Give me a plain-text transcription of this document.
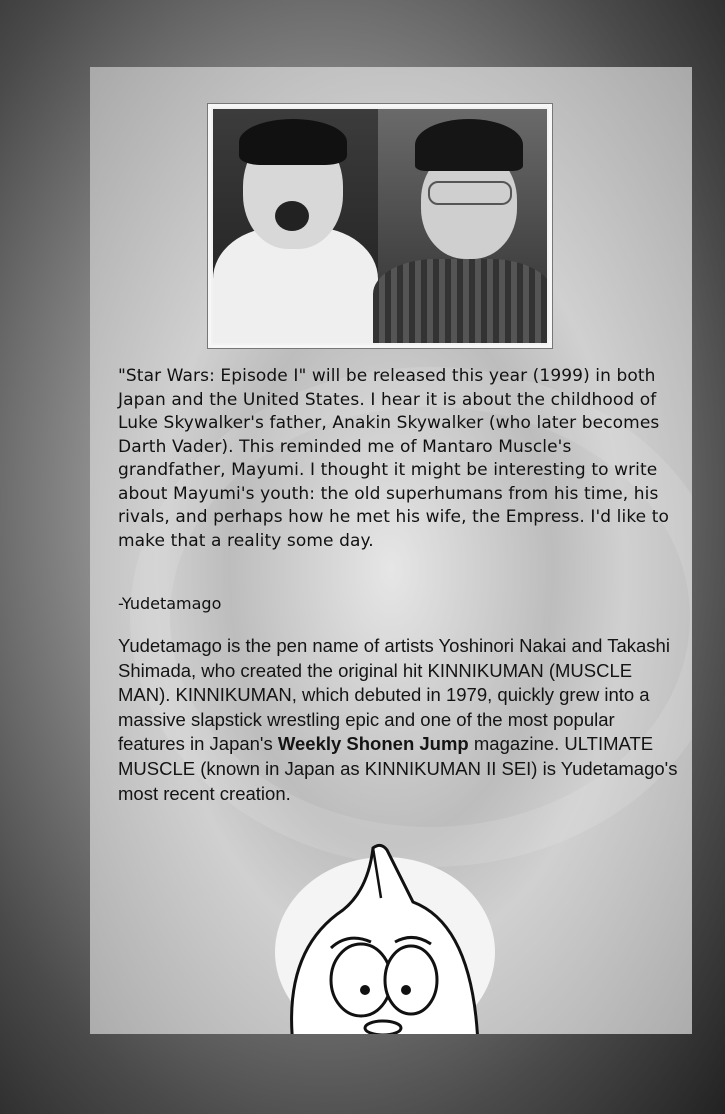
"Star Wars: Episode I" will be released this year (1999) in both Japan and the United States. I hear it is about the childhood of Luke Skywalker's father, Anakin Skywalker (who later becomes Darth Vader). This reminded me of Mantaro Muscle's grandfather, Mayumi. I thought it might be interesting to write about Mayumi's youth: the old superhumans from his time, his rivals, and perhaps how he met his wife, the Empress. I'd like to make that a reality some day.

-Yudetamago

Yudetamago is the pen name of artists Yoshinori Nakai and Takashi Shimada, who created the original hit KINNIKUMAN (MUSCLE MAN). KINNIKUMAN, which debuted in 1979, quickly grew into a massive slapstick wrestling epic and one of the most popular features in Japan's Weekly Shonen Jump magazine. ULTIMATE MUSCLE (known in Japan as KINNIKUMAN II SEI) is Yudetamago's most recent creation.
